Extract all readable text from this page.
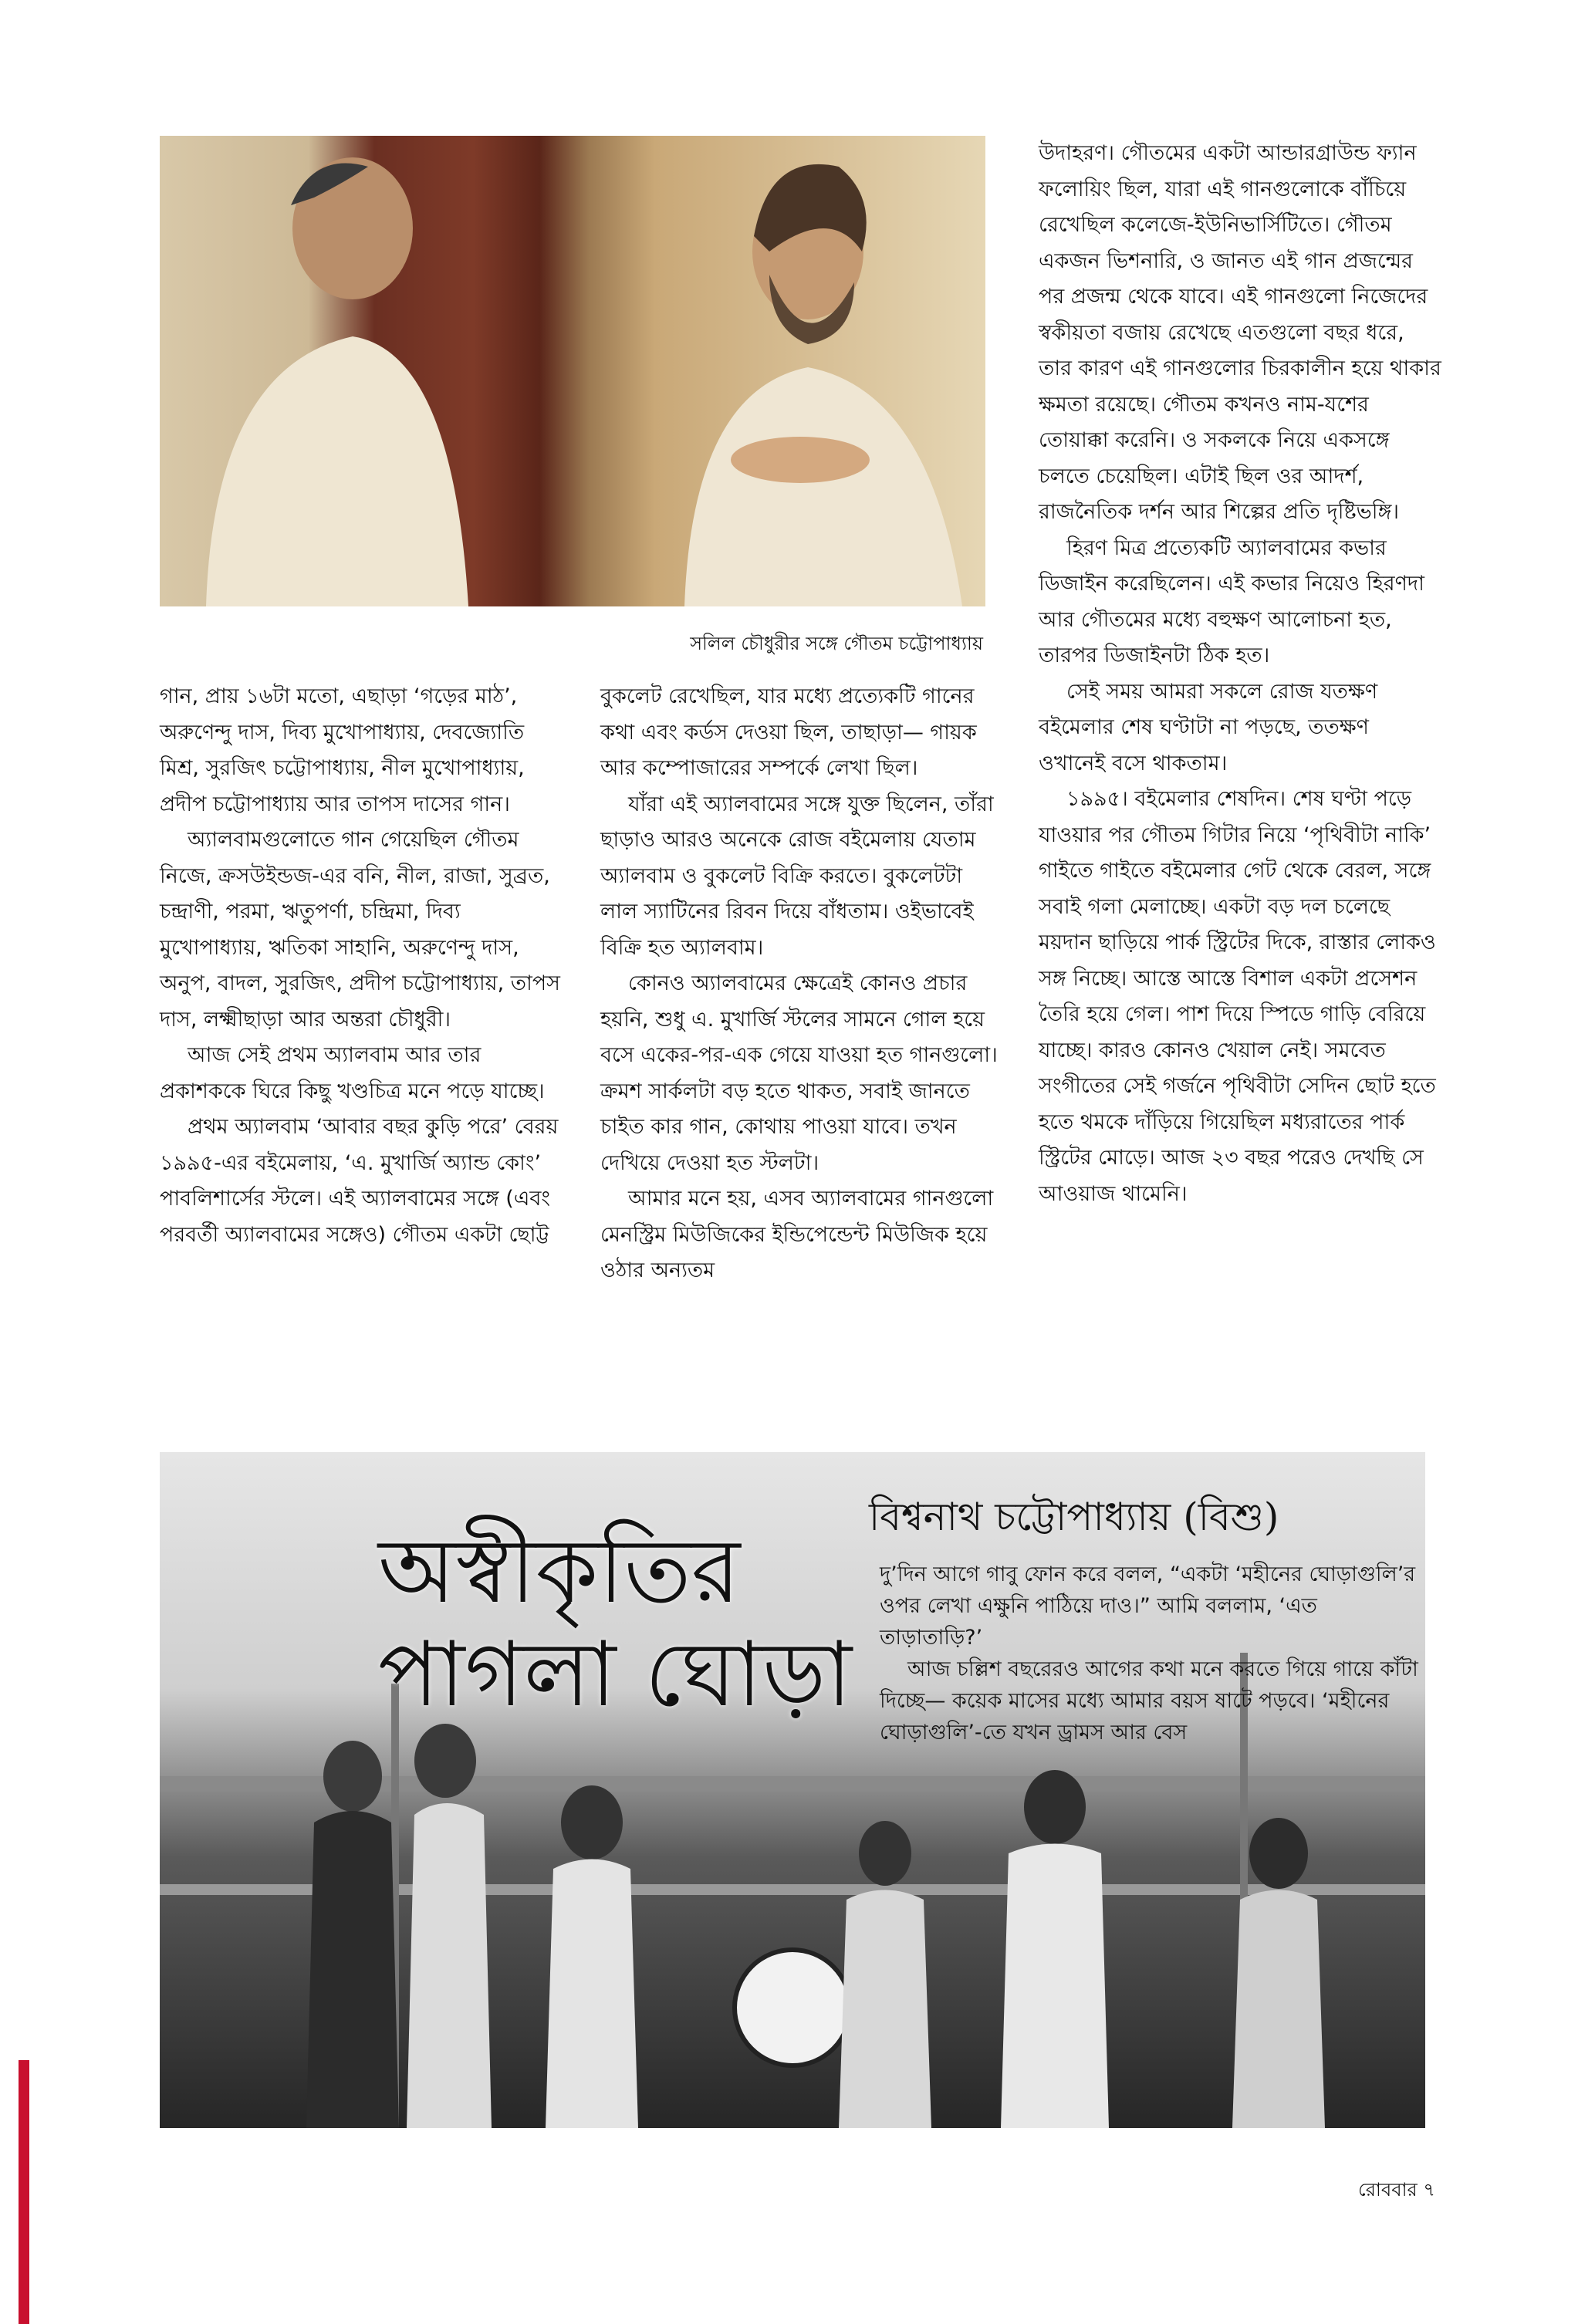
সলিল চৌধুরীর সঙ্গে গৌতম চট্টোপাধ্যায়

গান, প্রায় ১৬টা মতো, এছাড়া ‘গড়ের মাঠ’, অরুণেন্দু দাস, দিব্য মুখোপাধ্যায়, দেবজ্যোতি মিশ্র, সুরজিৎ চট্টোপাধ্যায়, নীল মুখোপাধ্যায়, প্রদীপ চট্টোপাধ্যায় আর তাপস দাসের গান।

অ্যালবামগুলোতে গান গেয়েছিল গৌতম নিজে, ক্রসউইন্ডজ-এর বনি, নীল, রাজা, সুব্রত, চন্দ্রাণী, পরমা, ঋতুপর্ণা, চন্দ্রিমা, দিব্য মুখোপাধ্যায়, ঋতিকা সাহানি, অরুণেন্দু দাস, অনুপ, বাদল, সুরজিৎ, প্রদীপ চট্টোপাধ্যায়, তাপস দাস, লক্ষ্মীছাড়া আর অন্তরা চৌধুরী।

আজ সেই প্রথম অ্যালবাম আর তার প্রকাশককে ঘিরে কিছু খণ্ডচিত্র মনে পড়ে যাচ্ছে।

প্রথম অ্যালবাম ‘আবার বছর কুড়ি পরে’ বেরয় ১৯৯৫-এর বইমেলায়, ‘এ. মুখার্জি অ্যান্ড কোং’ পাবলিশার্সের স্টলে। এই অ্যালবামের সঙ্গে (এবং পরবর্তী অ্যালবামের সঙ্গেও) গৌতম একটা ছোট্ট

বুকলেট রেখেছিল, যার মধ্যে প্রত্যেকটি গানের কথা এবং কর্ডস দেওয়া ছিল, তাছাড়া— গায়ক আর কম্পোজারের সম্পর্কে লেখা ছিল।

যাঁরা এই অ্যালবামের সঙ্গে যুক্ত ছিলেন, তাঁরা ছাড়াও আরও অনেকে রোজ বইমেলায় যেতাম অ্যালবাম ও বুকলেট বিক্রি করতে। বুকলেটটা লাল স্যাটিনের রিবন দিয়ে বাঁধতাম। ওইভাবেই বিক্রি হত অ্যালবাম।

কোনও অ্যালবামের ক্ষেত্রেই কোনও প্রচার হয়নি, শুধু এ. মুখার্জি স্টলের সামনে গোল হয়ে বসে একের-পর-এক গেয়ে যাওয়া হত গানগুলো। ক্রমশ সার্কলটা বড় হতে থাকত, সবাই জানতে চাইত কার গান, কোথায় পাওয়া যাবে। তখন দেখিয়ে দেওয়া হত স্টলটা।

আমার মনে হয়, এসব অ্যালবামের গানগুলো মেনস্ট্রিম মিউজিকের ইন্ডিপেন্ডেন্ট মিউজিক হয়ে ওঠার অন্যতম

উদাহরণ। গৌতমের একটা আন্ডারগ্রাউন্ড ফ্যান ফলোয়িং ছিল, যারা এই গানগুলোকে বাঁচিয়ে রেখেছিল কলেজে-ইউনিভার্সিটিতে। গৌতম একজন ভিশনারি, ও জানত এই গান প্রজন্মের পর প্রজন্ম থেকে যাবে। এই গানগুলো নিজেদের স্বকীয়তা বজায় রেখেছে এতগুলো বছর ধরে, তার কারণ এই গানগুলোর চিরকালীন হয়ে থাকার ক্ষমতা রয়েছে। গৌতম কখনও নাম-যশের তোয়াক্কা করেনি। ও সকলকে নিয়ে একসঙ্গে চলতে চেয়েছিল। এটাই ছিল ওর আদর্শ, রাজনৈতিক দর্শন আর শিল্পের প্রতি দৃষ্টিভঙ্গি।

হিরণ মিত্র প্রত্যেকটি অ্যালবামের কভার ডিজাইন করেছিলেন। এই কভার নিয়েও হিরণদা আর গৌতমের মধ্যে বহুক্ষণ আলোচনা হত, তারপর ডিজাইনটা ঠিক হত।

সেই সময় আমরা সকলে রোজ যতক্ষণ বইমেলার শেষ ঘণ্টাটা না পড়ছে, ততক্ষণ ওখানেই বসে থাকতাম।

১৯৯৫। বইমেলার শেষদিন। শেষ ঘণ্টা পড়ে যাওয়ার পর গৌতম গিটার নিয়ে ‘পৃথিবীটা নাকি’ গাইতে গাইতে বইমেলার গেট থেকে বেরল, সঙ্গে সবাই গলা মেলাচ্ছে। একটা বড় দল চলেছে ময়দান ছাড়িয়ে পার্ক স্ট্রিটের দিকে, রাস্তার লোকও সঙ্গ নিচ্ছে। আস্তে আস্তে বিশাল একটা প্রসেশন তৈরি হয়ে গেল। পাশ দিয়ে স্পিডে গাড়ি বেরিয়ে যাচ্ছে। কারও কোনও খেয়াল নেই। সমবেত সংগীতের সেই গর্জনে পৃথিবীটা সেদিন ছোট হতে হতে থমকে দাঁড়িয়ে গিয়েছিল মধ্যরাতের পার্ক স্ট্রিটের মোড়ে। আজ ২৩ বছর পরেও দেখছি সে আওয়াজ থামেনি।

অস্বীকৃতির
পাগলা ঘোড়া
বিশ্বনাথ চট্টোপাধ্যায় (বিশু)

দু’দিন আগে গাবু ফোন করে বলল, “একটা ‘মহীনের ঘোড়াগুলি’র ওপর লেখা এক্ষুনি পাঠিয়ে দাও।” আমি বললাম, ‘এত তাড়াতাড়ি?’

আজ চল্লিশ বছরেরও আগের কথা মনে করতে গিয়ে গায়ে কাঁটা দিচ্ছে— কয়েক মাসের মধ্যে আমার বয়স ষাটে পড়বে। ‘মহীনের ঘোড়াগুলি’-তে যখন ড্রামস আর বেস

রোববার ৭
